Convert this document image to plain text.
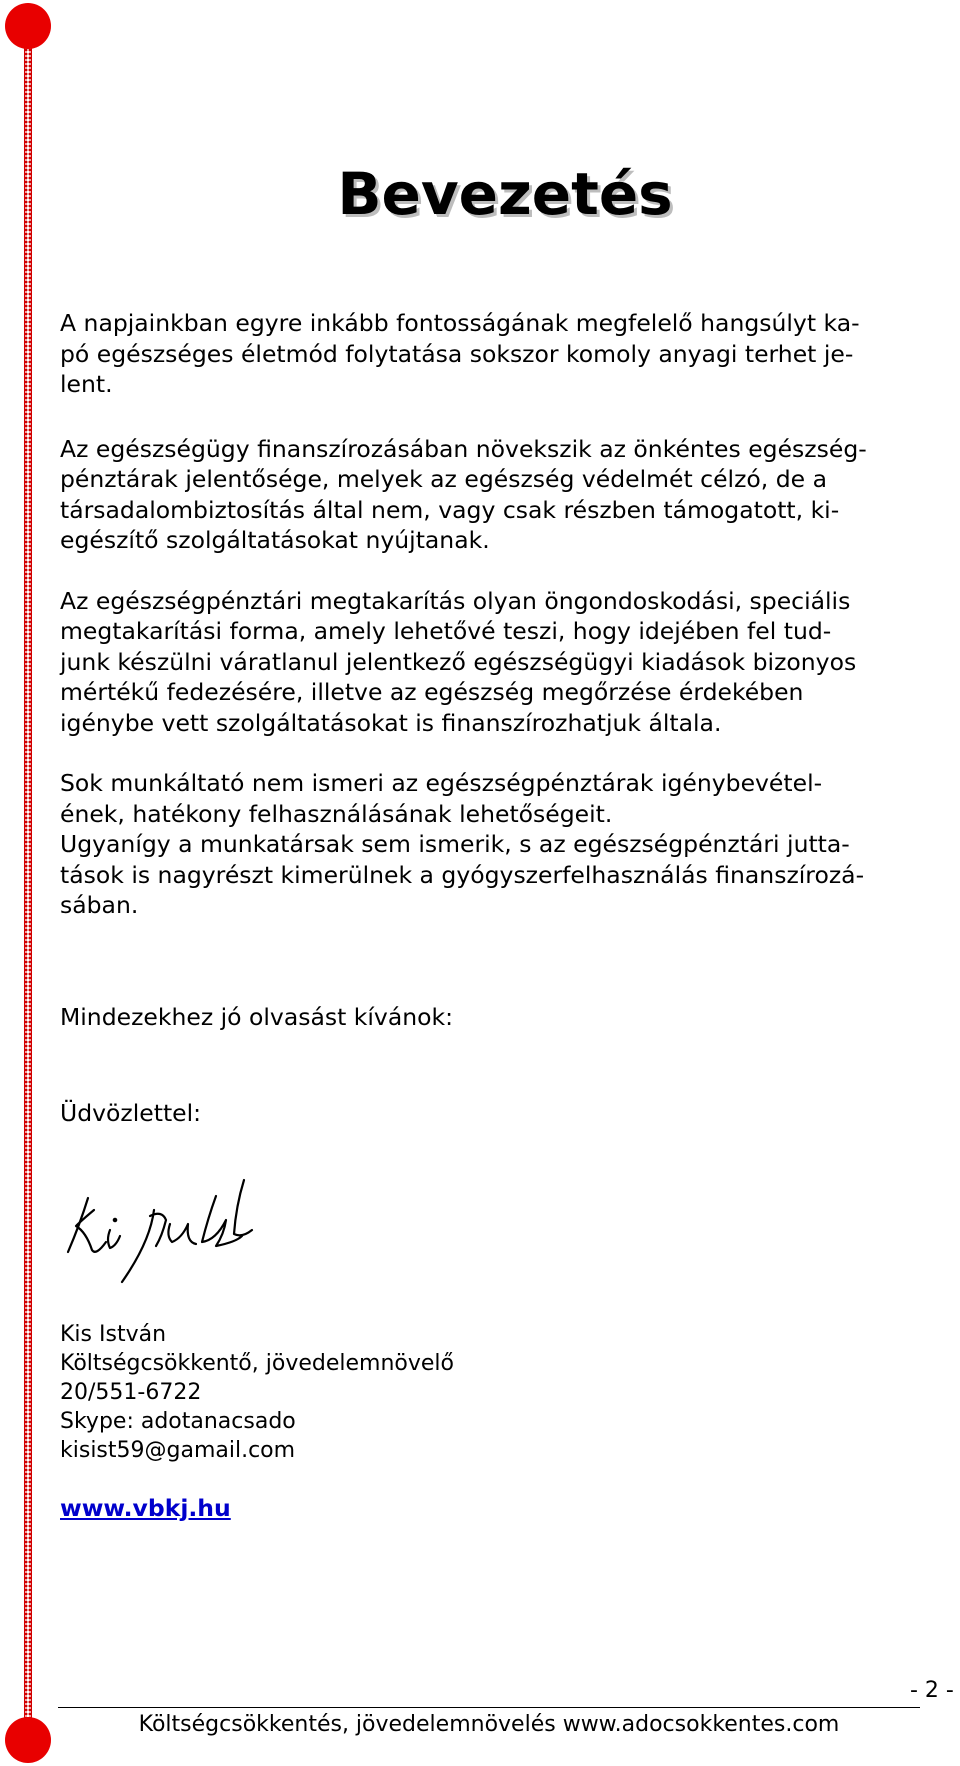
Bevezetés

A napjainkban egyre inkább fontosságának megfelelő hangsúlyt ka-
pó egészséges életmód folytatása sokszor komoly anyagi terhet je-
lent.

Az egészségügy finanszírozásában növekszik az önkéntes egészség-
pénztárak jelentősége, melyek az egészség védelmét célzó, de a
társadalombiztosítás által nem, vagy csak részben támogatott, ki-
egészítő szolgáltatásokat nyújtanak.

Az egészségpénztári megtakarítás olyan öngondoskodási, speciális
megtakarítási forma, amely lehetővé teszi, hogy idejében fel tud-
junk készülni váratlanul jelentkező egészségügyi kiadások bizonyos
mértékű fedezésére, illetve az egészség megőrzése érdekében
igénybe vett szolgáltatásokat is finanszírozhatjuk általa.

Sok munkáltató nem ismeri az egészségpénztárak igénybevétel-
ének, hatékony felhasználásának lehetőségeit.
Ugyanígy a munkatársak sem ismerik, s az egészségpénztári jutta-
tások is nagyrészt kimerülnek a gyógyszerfelhasználás finanszírozá-
sában.

Mindezekhez jó olvasást kívánok:

Üdvözlettel:

Kis István
Költségcsökkentő, jövedelemnövelő
20/551-6722
Skype: adotanacsado
kisist59@gamail.com
www.vbkj.hu
- 2 -
Költségcsökkentés, jövedelemnövelés www.adocsokkentes.com
